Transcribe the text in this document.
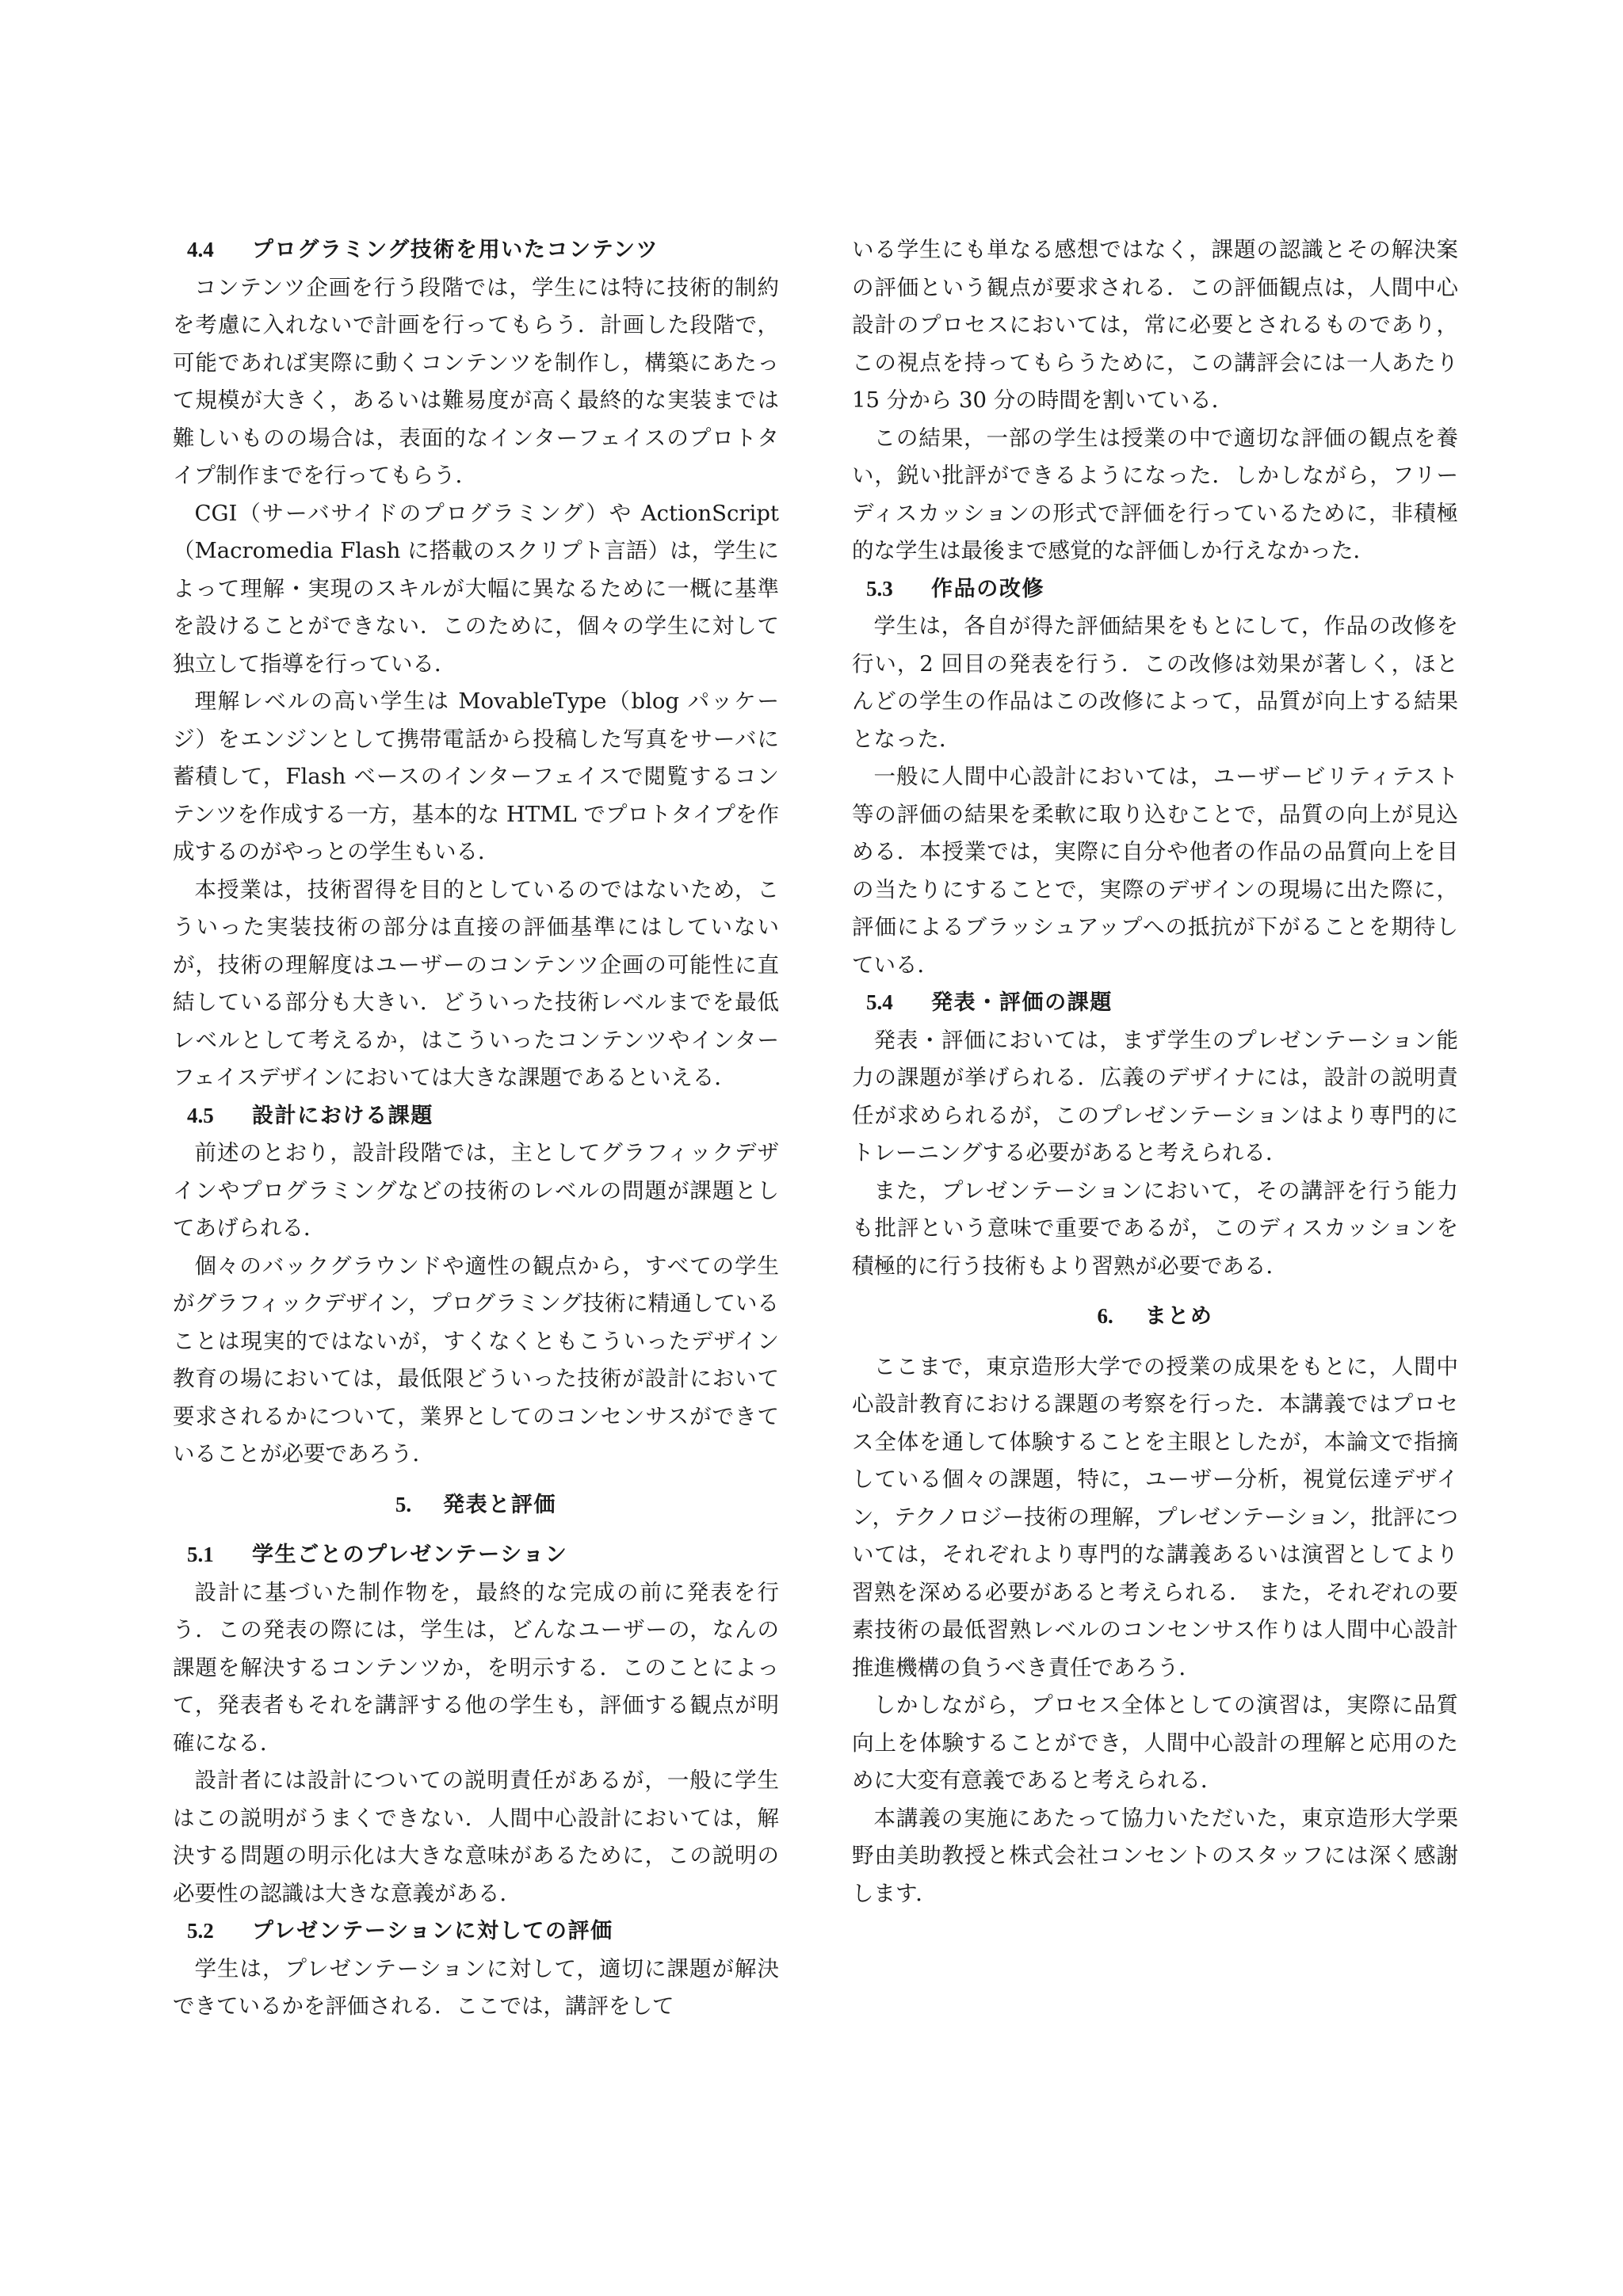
4.4 プログラミング技術を用いたコンテンツ

コンテンツ企画を行う段階では，学生には特に技術的制約を考慮に入れないで計画を行ってもらう．計画した段階で，可能であれば実際に動くコンテンツを制作し，構築にあたって規模が大きく，あるいは難易度が高く最終的な実装までは難しいものの場合は，表面的なインターフェイスのプロトタイプ制作までを行ってもらう．

CGI（サーバサイドのプログラミング）や ActionScript（Macromedia Flash に搭載のスクリプト言語）は，学生によって理解・実現のスキルが大幅に異なるために一概に基準を設けることができない．このために，個々の学生に対して独立して指導を行っている．

理解レベルの高い学生は MovableType（blog パッケージ）をエンジンとして携帯電話から投稿した写真をサーバに蓄積して，Flash ベースのインターフェイスで閲覧するコンテンツを作成する一方，基本的な HTML でプロトタイプを作成するのがやっとの学生もいる．

本授業は，技術習得を目的としているのではないため，こういった実装技術の部分は直接の評価基準にはしていないが，技術の理解度はユーザーのコンテンツ企画の可能性に直結している部分も大きい．どういった技術レベルまでを最低レベルとして考えるか，はこういったコンテンツやインターフェイスデザインにおいては大きな課題であるといえる．

4.5 設計における課題

前述のとおり，設計段階では，主としてグラフィックデザインやプログラミングなどの技術のレベルの問題が課題としてあげられる．

個々のバックグラウンドや適性の観点から，すべての学生がグラフィックデザイン，プログラミング技術に精通していることは現実的ではないが，すくなくともこういったデザイン教育の場においては，最低限どういった技術が設計において要求されるかについて，業界としてのコンセンサスができていることが必要であろう．

5. 発表と評価
5.1 学生ごとのプレゼンテーション

設計に基づいた制作物を，最終的な完成の前に発表を行う．この発表の際には，学生は，どんなユーザーの，なんの課題を解決するコンテンツか，を明示する．このことによって，発表者もそれを講評する他の学生も，評価する観点が明確になる．

設計者には設計についての説明責任があるが，一般に学生はこの説明がうまくできない．人間中心設計においては，解決する問題の明示化は大きな意味があるために，この説明の必要性の認識は大きな意義がある．

5.2 プレゼンテーションに対しての評価

学生は，プレゼンテーションに対して，適切に課題が解決できているかを評価される．ここでは，講評をして

いる学生にも単なる感想ではなく，課題の認識とその解決案の評価という観点が要求される．この評価観点は，人間中心設計のプロセスにおいては，常に必要とされるものであり，この視点を持ってもらうために，この講評会には一人あたり 15 分から 30 分の時間を割いている．

この結果，一部の学生は授業の中で適切な評価の観点を養い，鋭い批評ができるようになった．しかしながら，フリーディスカッションの形式で評価を行っているために，非積極的な学生は最後まで感覚的な評価しか行えなかった．

5.3 作品の改修

学生は，各自が得た評価結果をもとにして，作品の改修を行い，2 回目の発表を行う．この改修は効果が著しく，ほとんどの学生の作品はこの改修によって，品質が向上する結果となった．

一般に人間中心設計においては，ユーザービリティテスト等の評価の結果を柔軟に取り込むことで，品質の向上が見込める．本授業では，実際に自分や他者の作品の品質向上を目の当たりにすることで，実際のデザインの現場に出た際に，評価によるブラッシュアップへの抵抗が下がることを期待している．

5.4 発表・評価の課題

発表・評価においては，まず学生のプレゼンテーション能力の課題が挙げられる．広義のデザイナには，設計の説明責任が求められるが，このプレゼンテーションはより専門的にトレーニングする必要があると考えられる．

また，プレゼンテーションにおいて，その講評を行う能力も批評という意味で重要であるが，このディスカッションを積極的に行う技術もより習熟が必要である．

6. まとめ

ここまで，東京造形大学での授業の成果をもとに，人間中心設計教育における課題の考察を行った．本講義ではプロセス全体を通して体験することを主眼としたが，本論文で指摘している個々の課題，特に，ユーザー分析，視覚伝達デザイン，テクノロジー技術の理解，プレゼンテーション，批評については，それぞれより専門的な講義あるいは演習としてより習熟を深める必要があると考えられる． また，それぞれの要素技術の最低習熟レベルのコンセンサス作りは人間中心設計推進機構の負うべき責任であろう．

しかしながら，プロセス全体としての演習は，実際に品質向上を体験することができ，人間中心設計の理解と応用のために大変有意義であると考えられる．

本講義の実施にあたって協力いただいた，東京造形大学栗野由美助教授と株式会社コンセントのスタッフには深く感謝します．
